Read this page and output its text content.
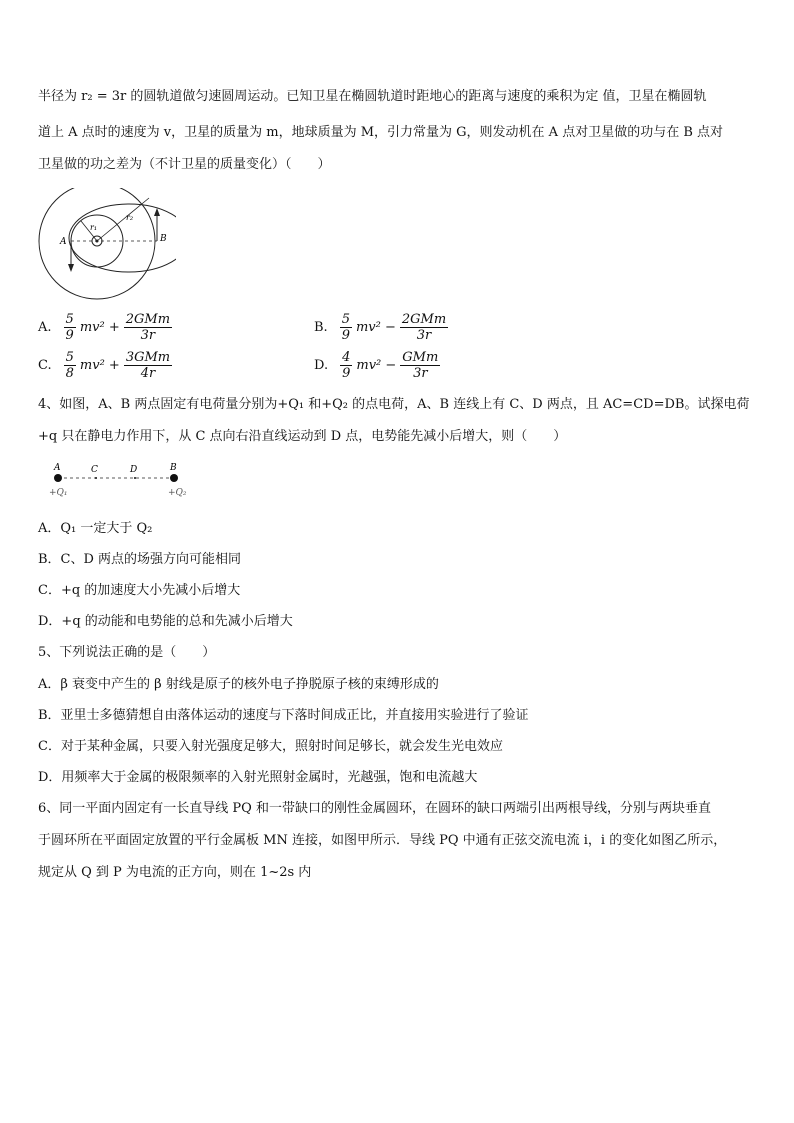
半径为 r₂ = 3r 的圆轨道做匀速圆周运动。已知卫星在椭圆轨道时距地心的距离与速度的乘积为定 值，卫星在椭圆轨
道上 A 点时的速度为 v，卫星的质量为 m，地球质量为 M，引力常量为 G，则发动机在 A 点对卫星做的功与在 B 点对
卫星做的功之差为（不计卫星的质量变化）（　　）
r₁
r₂
A	B
A. $\frac{5}{9} mv^2 + \frac{\text{2GMm}}{3r}$	B. $\frac{5}{9} mv^2 - \frac{\text{2GMm}}{3r}$
C. $\frac{5}{8} mv^2 + \frac{\text{3GMm}}{4r}$	D. $\frac{4}{9} mv^2 - \frac{\text{GMm}}{3r}$
4、如图，A、B 两点固定有电荷量分别为+Q₁ 和+Q₂ 的点电荷，A、B 连线上有 C、D 两点，且 AC=CD=DB。试探电荷
+q 只在静电力作用下，从 C 点向右沿直线运动到 D 点，电势能先减小后增大，则（　　）
A	C	D	B
+Q₁	+Q₂
A．Q₁ 一定大于 Q₂
B．C、D 两点的场强方向可能相同
C．+q 的加速度大小先减小后增大
D．+q 的动能和电势能的总和先减小后增大
5、下列说法正确的是（　　）
A．β 衰变中产生的 β 射线是原子的核外电子挣脱原子核的束缚形成的
B．亚里士多德猜想自由落体运动的速度与下落时间成正比，并直接用实验进行了验证
C．对于某种金属，只要入射光强度足够大，照射时间足够长，就会发生光电效应
D．用频率大于金属的极限频率的入射光照射金属时，光越强，饱和电流越大
6、同一平面内固定有一长直导线 PQ 和一带缺口的刚性金属圆环，在圆环的缺口两端引出两根导线，分别与两块垂直
于圆环所在平面固定放置的平行金属板 MN 连接，如图甲所示．导线 PQ 中通有正弦交流电流 i，i 的变化如图乙所示，
规定从 Q 到 P 为电流的正方向，则在 1~2s 内
